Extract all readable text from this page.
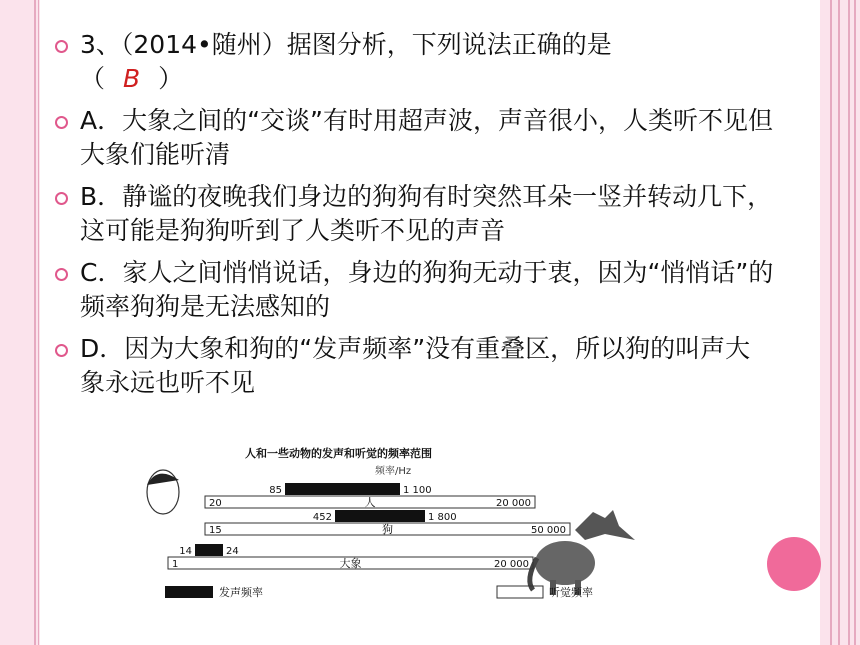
3、（2014•随州）据图分析，下列说法正确的是
（ B ）
A．大象之间的“交谈”有时用超声波，声音很小，人类听不见但大象们能听清
B．静谧的夜晚我们身边的狗狗有时突然耳朵一竖并转动几下，这可能是狗狗听到了人类听不见的声音
C．家人之间悄悄说话，身边的狗狗无动于衷，因为“悄悄话”的频率狗狗是无法感知的
D．因为大象和狗的“发声频率”没有重叠区，所以狗的叫声大象永远也听不见
人和一些动物的发声和听觉的频率范围
频率/Hz
20	20 000
人
85	1 100
15	50 000
狗
452	1 800
1	20 000
大象
14	24
发声频率	听觉频率
